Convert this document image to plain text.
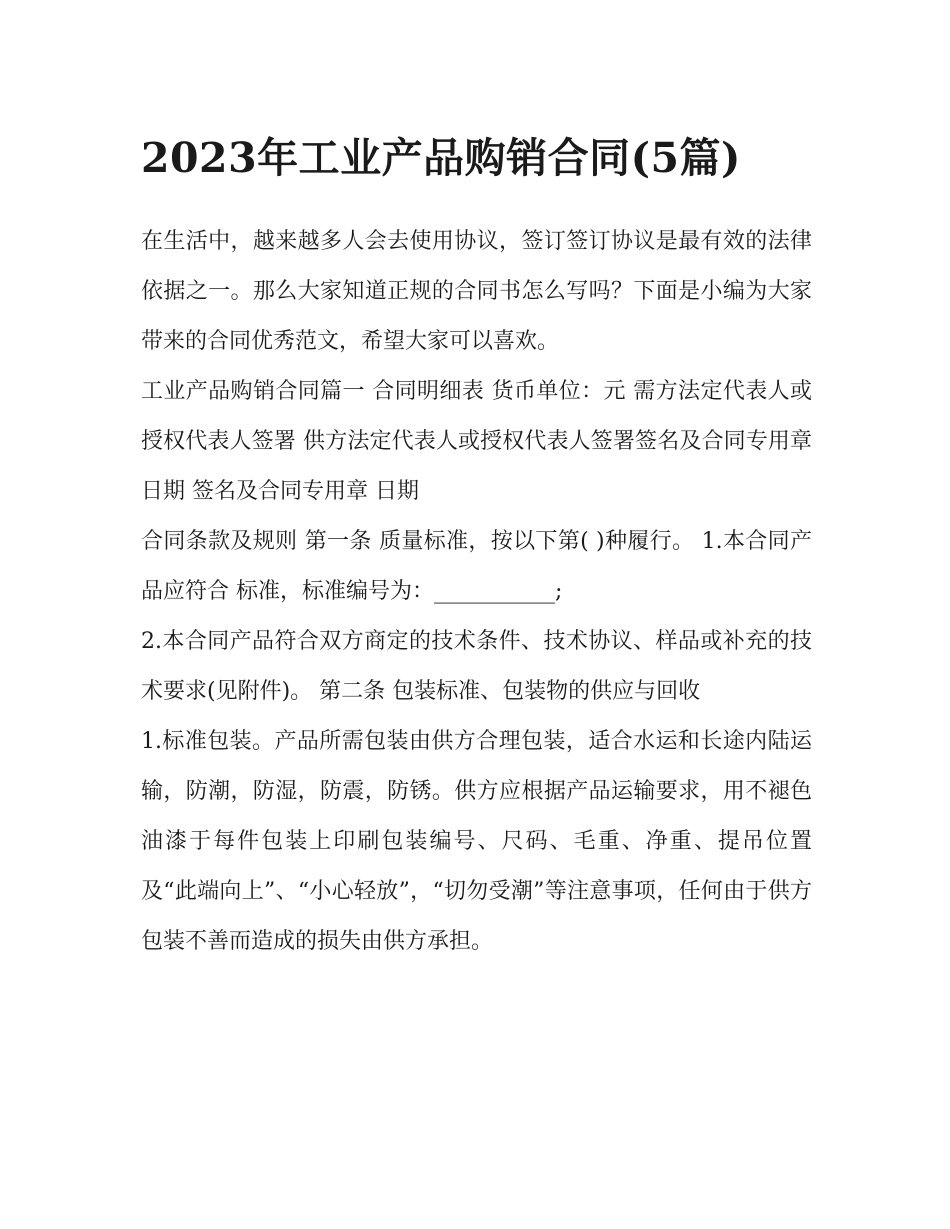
2023年工业产品购销合同(5篇)

在生活中，越来越多人会去使用协议，签订签订协议是最有效的法律依据之一。那么大家知道正规的合同书怎么写吗？下面是小编为大家带来的合同优秀范文，希望大家可以喜欢。

工业产品购销合同篇一 合同明细表 货币单位：元 需方法定代表人或授权代表人签署 供方法定代表人或授权代表人签署签名及合同专用章 日期 签名及合同专用章 日期

合同条款及规则 第一条 质量标准，按以下第( )种履行。 1.本合同产品应符合 标准，标准编号为：___________;

2.本合同产品符合双方商定的技术条件、技术协议、样品或补充的技术要求(见附件)。 第二条 包装标准、包装物的供应与回收

1.标准包装。产品所需包装由供方合理包装，适合水运和长途内陆运输，防潮，防湿，防震，防锈。供方应根据产品运输要求，用不褪色油漆于每件包装上印刷包装编号、尺码、毛重、净重、提吊位置及“此端向上”、“小心轻放”，“切勿受潮”等注意事项，任何由于供方包装不善而造成的损失由供方承担。
